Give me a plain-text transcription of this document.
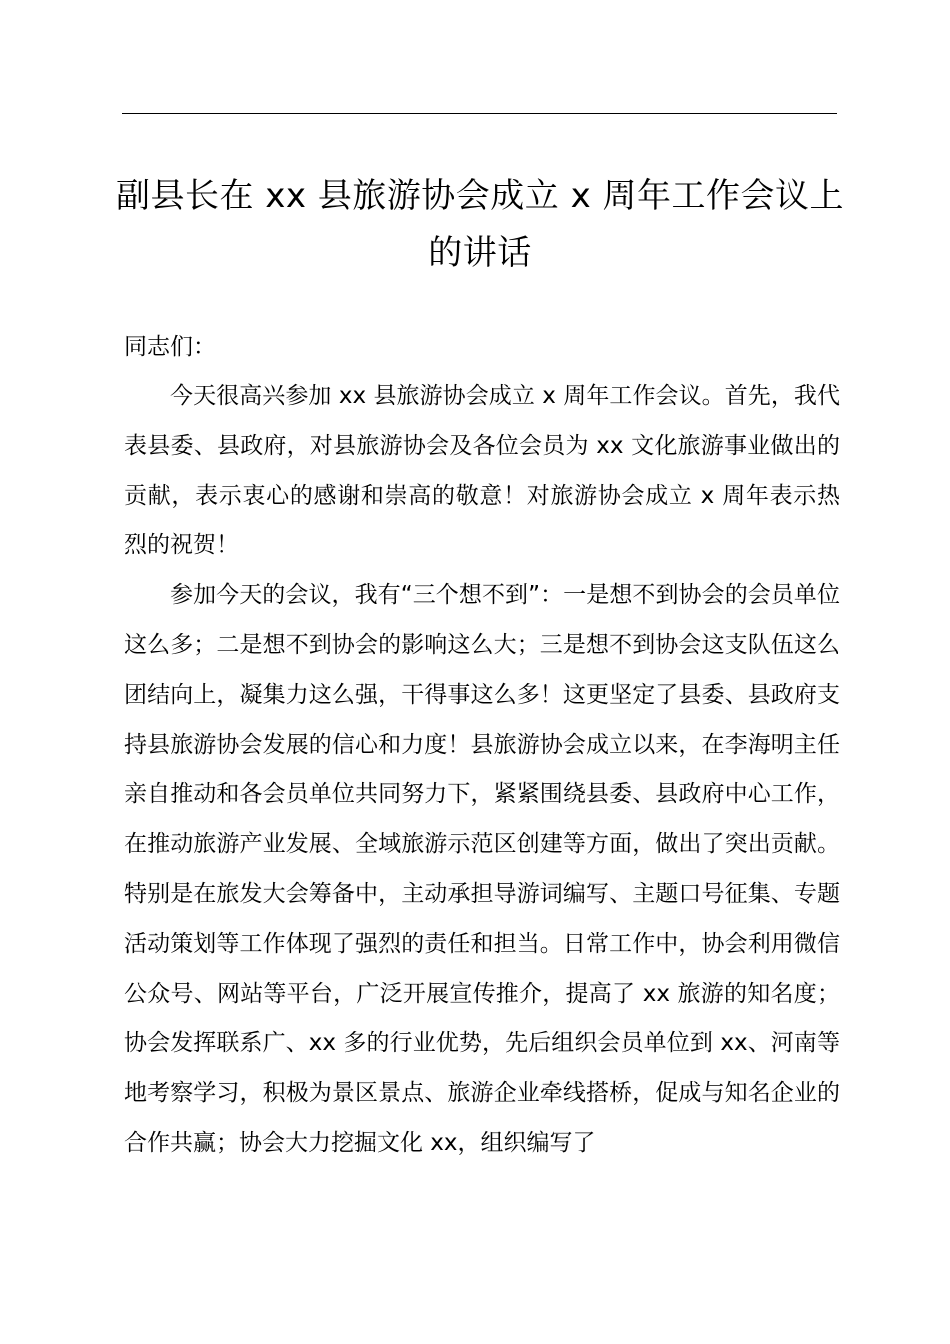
副县长在 xx 县旅游协会成立 x 周年工作会议上的讲话

同志们：

今天很高兴参加 xx 县旅游协会成立 x 周年工作会议。首先，我代表县委、县政府，对县旅游协会及各位会员为 xx 文化旅游事业做出的贡献，表示衷心的感谢和崇高的敬意！对旅游协会成立 x 周年表示热烈的祝贺！

参加今天的会议，我有“三个想不到”：一是想不到协会的会员单位这么多；二是想不到协会的影响这么大；三是想不到协会这支队伍这么团结向上，凝集力这么强，干得事这么多！这更坚定了县委、县政府支持县旅游协会发展的信心和力度！县旅游协会成立以来，在李海明主任亲自推动和各会员单位共同努力下，紧紧围绕县委、县政府中心工作，在推动旅游产业发展、全域旅游示范区创建等方面，做出了突出贡献。特别是在旅发大会筹备中，主动承担导游词编写、主题口号征集、专题活动策划等工作体现了强烈的责任和担当。日常工作中，协会利用微信公众号、网站等平台，广泛开展宣传推介，提高了 xx 旅游的知名度；协会发挥联系广、xx 多的行业优势，先后组织会员单位到 xx、河南等地考察学习，积极为景区景点、旅游企业牵线搭桥，促成与知名企业的合作共赢；协会大力挖掘文化 xx，组织编写了
